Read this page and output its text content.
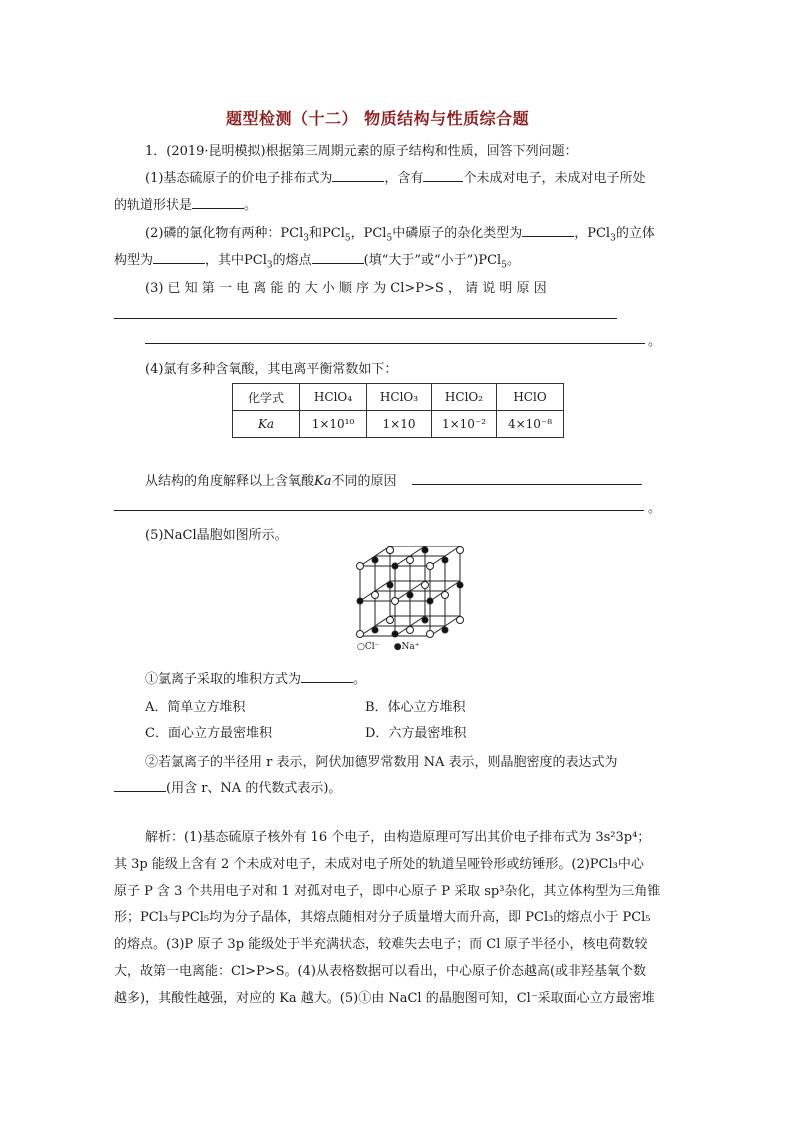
题型检测（十二） 物质结构与性质综合题
1．(2019·昆明模拟)根据第三周期元素的原子结构和性质，回答下列问题：
(1)基态硫原子的价电子排布式为	，含有	个未成对电子，未成对电子所处
的轨道形状是	。
(2)磷的氯化物有两种：PCl$_3$和PCl$_5$，PCl$_5$中磷原子的杂化类型为	，PCl$_3$的立体
构型为	，其中PCl$_3$的熔点	(填“大于”或“小于”)PCl$_5$。
(3) 已 知 第 一 电 离 能 的 大 小 顺 序 为 Cl>P>S ， 请 说 明 原 因
。
(4)氯有多种含氧酸，其电离平衡常数如下：
化学式	HClO₄	HClO₃	HClO₂	HClO
Ka	1×10¹⁰	1×10	1×10⁻²	4×10⁻⁸
从结构的角度解释以上含氧酸Ka不同的原因
。
(5)NaCl晶胞如图所示。
○Cl⁻ ●Na⁺
①氯离子采取的堆积方式为	。
A．简单立方堆积	B．体心立方堆积
C．面心立方最密堆积	D．六方最密堆积
②若氯离子的半径用 r 表示，阿伏加德罗常数用 NA 表示，则晶胞密度的表达式为
(用含 r、NA 的代数式表示)。
解析：(1)基态硫原子核外有 16 个电子，由构造原理可写出其价电子排布式为 3s²3p⁴；
其 3p 能级上含有 2 个未成对电子，未成对电子所处的轨道呈哑铃形或纺锤形。(2)PCl₃中心
原子 P 含 3 个共用电子对和 1 对孤对电子，即中心原子 P 采取 sp³杂化，其立体构型为三角锥
形；PCl₃与PCl₅均为分子晶体，其熔点随相对分子质量增大而升高，即 PCl₃的熔点小于 PCl₅
的熔点。(3)P 原子 3p 能级处于半充满状态，较难失去电子；而 Cl 原子半径小，核电荷数较
大，故第一电离能：Cl>P>S。(4)从表格数据可以看出，中心原子价态越高(或非羟基氧个数
越多)，其酸性越强，对应的 Ka 越大。(5)①由 NaCl 的晶胞图可知，Cl⁻采取面心立方最密堆
